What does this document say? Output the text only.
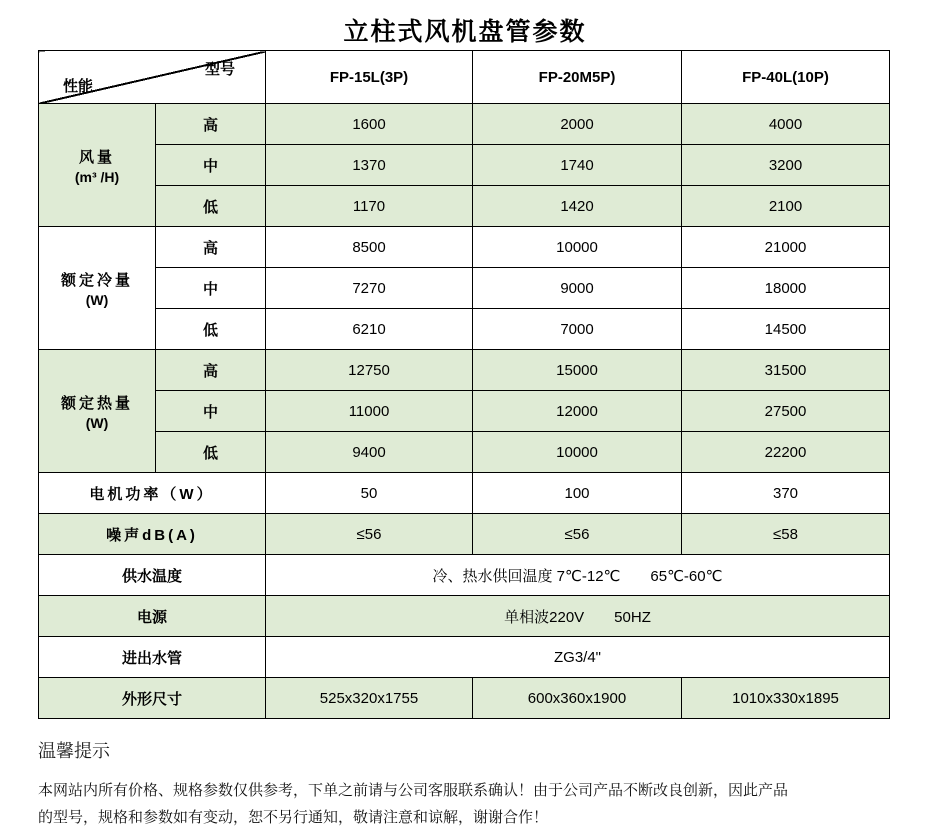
立柱式风机盘管参数
型号
性能		FP-15L(3P)	FP-20M5P)	FP-40L(10P)

风量
(m³ /H)	高	1600	2000	4000
	中	1370	1740	3200
	低	1170	1420	2100

额定冷量
(W)	高	8500	10000	21000
	中	7270	9000	18000
	低	6210	7000	14500

额定热量
(W)	高	12750	15000	31500
	中	11000	12000	27500
	低	9400	10000	22200
电机功率（W）		50	100	370
噪声dB(A)		≤56	≤56	≤58
供水温度		冷、热水供回温度 7℃-12℃　　65℃-60℃		
电源		单相波220V　　50HZ		
进出水管		ZG3/4"		
外形尺寸		525x320x1755	600x360x1900	1010x330x1895
温馨提示

本网站内所有价格、规格参数仅供参考，下单之前请与公司客服联系确认！由于公司产品不断改良创新，因此产品

的型号，规格和参数如有变动，恕不另行通知，敬请注意和谅解，谢谢合作！
